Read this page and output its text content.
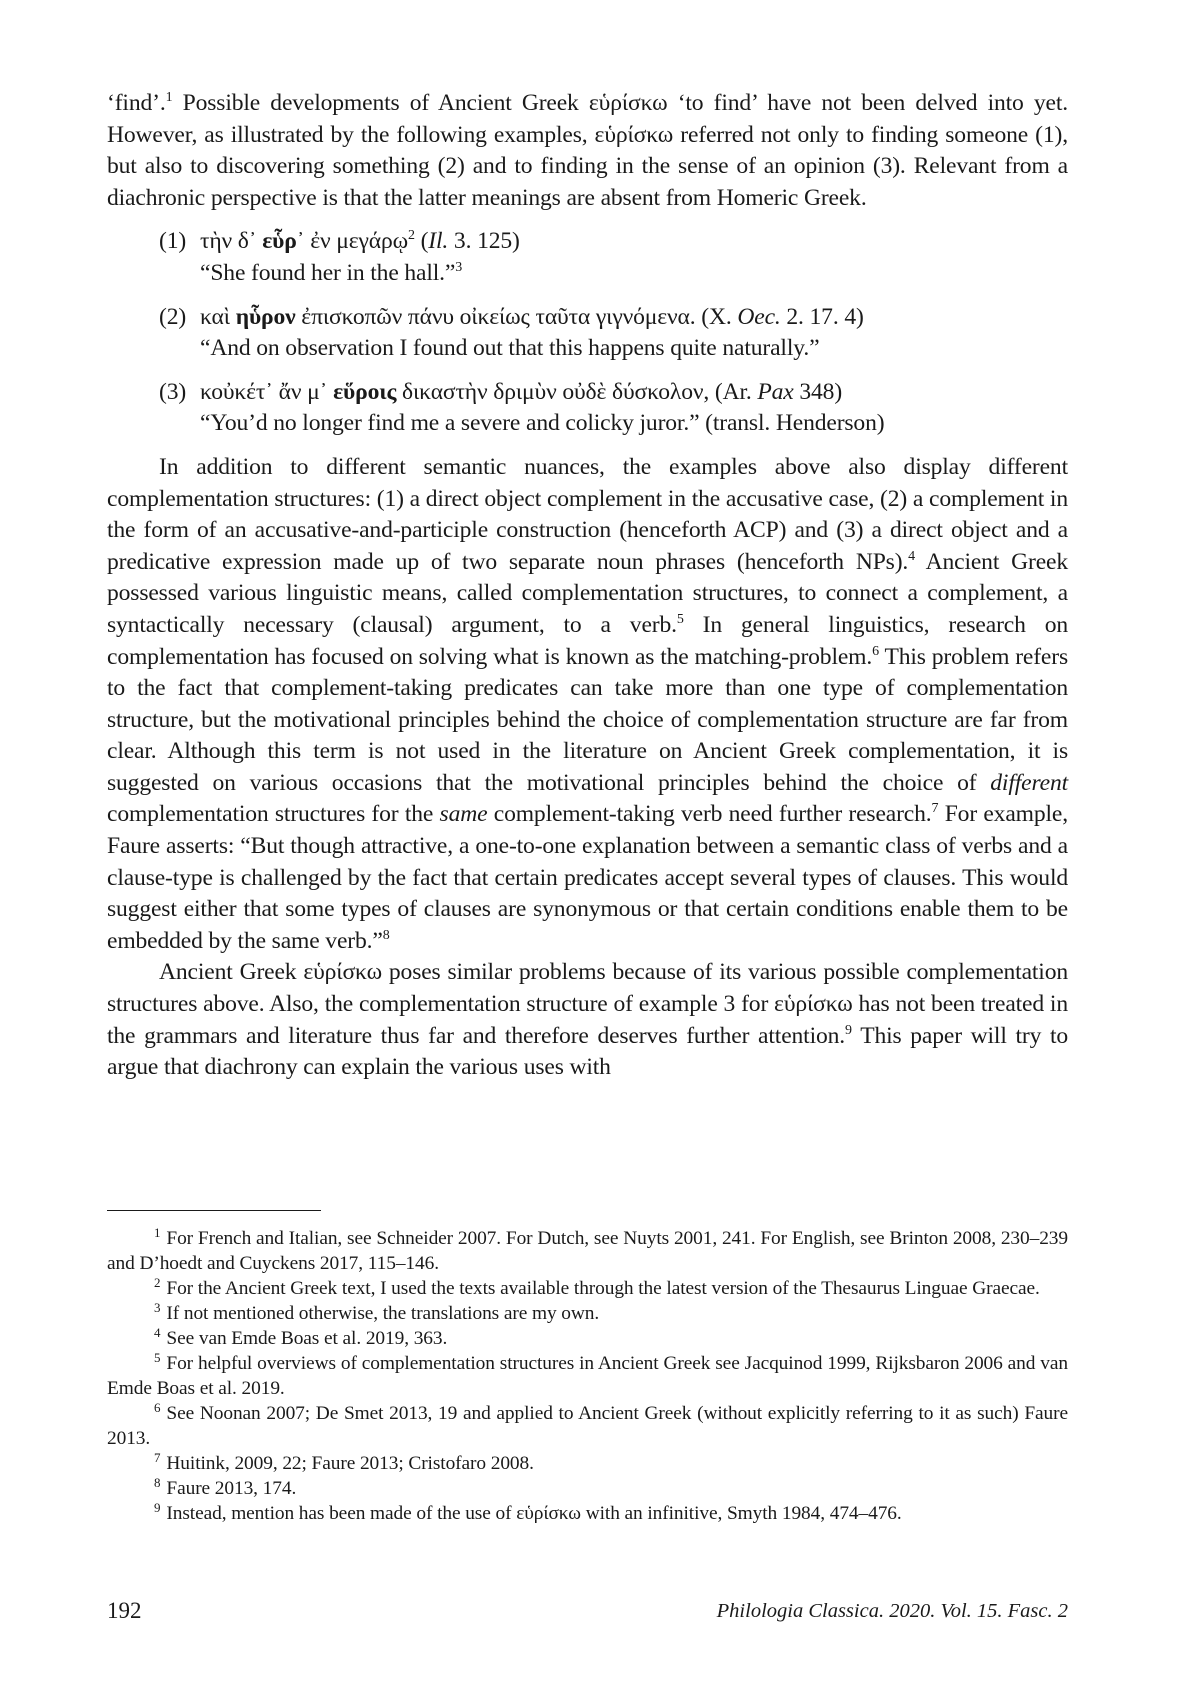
‘find’.$^1$ Possible developments of Ancient Greek εὑρίσκω ‘to find’ have not been delved into yet. However, as illustrated by the following examples, εὑρίσκω referred not only to finding someone (1), but also to discovering something (2) and to finding in the sense of an opinion (3). Relevant from a diachronic perspective is that the latter meanings are absent from Homeric Greek.

(1) τὴν δ᾽ εὗρ᾽ ἐν μεγάρῳ$^2$ (Il. 3. 125)
“She found her in the hall.”$^3$
(2) καὶ ηὗρον ἐπισκοπῶν πάνυ οἰκείως ταῦτα γιγνόμενα. (X. Oec. 2. 17. 4)
“And on observation I found out that this happens quite naturally.”
(3) κοὐκέτ᾽ ἄν μ᾽ εὕροις δικαστὴν δριμὺν οὐδὲ δύσκολον, (Ar. Pax 348)
“You’d no longer find me a severe and colicky juror.” (transl. Henderson)

In addition to different semantic nuances, the examples above also display different complementation structures: (1) a direct object complement in the accusative case, (2) a complement in the form of an accusative-and-participle construction (henceforth ACP) and (3) a direct object and a predicative expression made up of two separate noun phrases (henceforth NPs).$^4$ Ancient Greek possessed various linguistic means, called complementation structures, to connect a complement, a syntactically necessary (clausal) argument, to a verb.$^5$ In general linguistics, research on complementation has focused on solving what is known as the matching-problem.$^6$ This problem refers to the fact that complement-taking predicates can take more than one type of complementation structure, but the motivational principles behind the choice of complementation structure are far from clear. Although this term is not used in the literature on Ancient Greek complementation, it is suggested on various occasions that the motivational principles behind the choice of different complementation structures for the same complement-taking verb need further research.$^7$ For example, Faure asserts: “But though attractive, a one-to-one explanation between a semantic class of verbs and a clause-type is challenged by the fact that certain predicates accept several types of clauses. This would suggest either that some types of clauses are synonymous or that certain conditions enable them to be embedded by the same verb.”$^8$

Ancient Greek εὑρίσκω poses similar problems because of its various possible complementation structures above. Also, the complementation structure of example 3 for εὑρίσκω has not been treated in the grammars and literature thus far and therefore deserves further attention.$^9$ This paper will try to argue that diachrony can explain the various uses with

$^1$ For French and Italian, see Schneider 2007. For Dutch, see Nuyts 2001, 241. For English, see Brinton 2008, 230–239 and D’hoedt and Cuyckens 2017, 115–146.

$^2$ For the Ancient Greek text, I used the texts available through the latest version of the Thesaurus Linguae Graecae.

$^3$ If not mentioned otherwise, the translations are my own.

$^4$ See van Emde Boas et al. 2019, 363.

$^5$ For helpful overviews of complementation structures in Ancient Greek see Jacquinod 1999, Rijksbaron 2006 and van Emde Boas et al. 2019.

$^6$ See Noonan 2007; De Smet 2013, 19 and applied to Ancient Greek (without explicitly referring to it as such) Faure 2013.

$^7$ Huitink, 2009, 22; Faure 2013; Cristofaro 2008.

$^8$ Faure 2013, 174.

$^9$ Instead, mention has been made of the use of εὑρίσκω with an infinitive, Smyth 1984, 474–476.

192	Philologia Classica. 2020. Vol. 15. Fasc. 2
